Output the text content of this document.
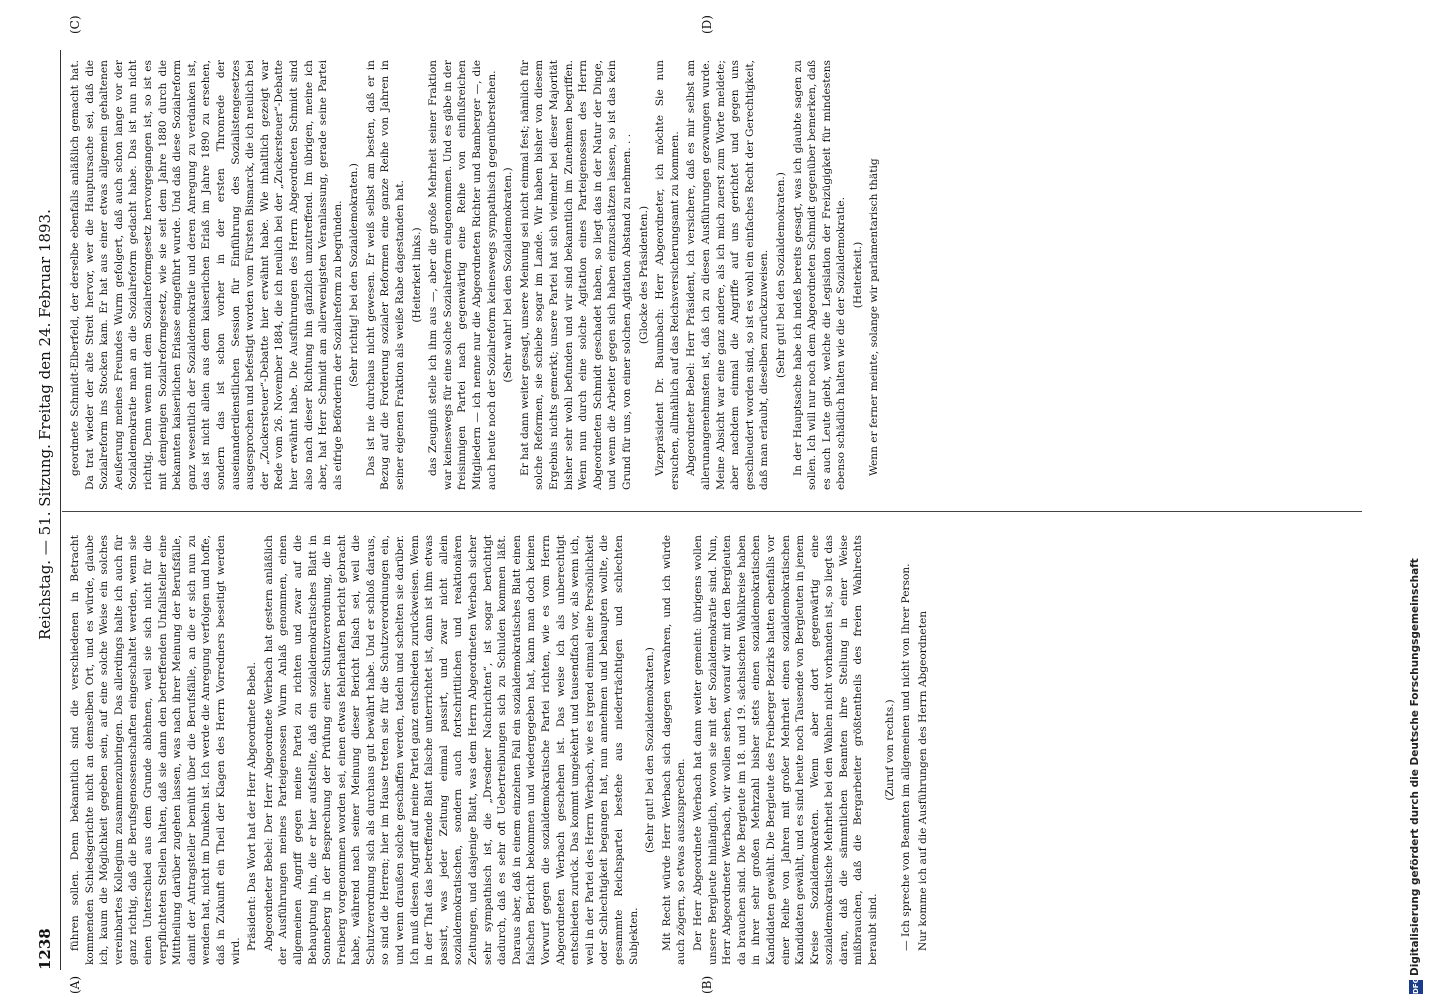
1238
Reichstag. — 51. Sitzung.
Freitag den 24. Februar 1893.
(A)	(B)
(C)	(D)

führen sollen. Denn bekanntlich sind die verschiedenen in Betracht kommenden Schiedsgerichte nicht an demselben Ort, und es würde, glaube ich, kaum die Möglichkeit gegeben sein, auf eine solche Weise ein solches vereinbartes Kollegium zusammenzubringen. Das allerdings halte ich auch für ganz richtig, daß die Berufsgenossenschaften eingeschaltet werden, wenn sie einen Unterschied aus dem Grunde ablehnen, weil sie sich nicht für die verpflichteten Stellen halten, daß sie dann den betreffenden Unfallsteller eine Mittheilung darüber zugehen lassen, was nach ihrer Meinung der Berufsfälle, damit der Antragsteller bemüht über die Berufsfälle, an die er sich nun zu wenden hat, nicht im Dunkeln ist. Ich werde die Anregung verfolgen und hoffe, daß in Zukunft ein Theil der Klagen des Herrn Vorredners beseitigt werden wird.

Präsident: Das Wort hat der Herr Abgeordnete Bebel. Abgeordneter Bebel: Der Herr Abgeordnete Werbach hat gestern anläßlich der Ausführungen meines Parteigenossen Wurm Anlaß genommen, einen allgemeinen Angriff gegen meine Partei zu richten und zwar auf die Behauptung hin, die er hier aufstellte, daß ein sozialdemokratisches Blatt in Sonneberg in der Besprechung der Prüfung einer Schutzverordnung, die in Freiberg vorgenommen worden sei, einen etwas fehlerhaften Bericht gebracht habe, während nach seiner Meinung dieser Bericht falsch sei, weil die Schutzverordnung sich als durchaus gut bewährt habe. Und er schloß daraus, so sind die Herren; hier im Hause treten sie für die Schutzverordnungen ein, und wenn draußen solche geschaffen werden, tadeln und schelten sie darüber. Ich muß diesen Angriff auf meine Partei ganz entschieden zurückweisen. Wenn in der That das betreffende Blatt falsche unterrichtet ist, dann ist ihm etwas passirt, was jeder Zeitung einmal passirt, und zwar nicht allein sozialdemokratischen, sondern auch fortschrittlichen und reaktionären Zeitungen, und dasjenige Blatt, was dem Herrn Abgeordneten Werbach sicher sehr sympathisch ist, die „Dresdner Nachrichten“, ist sogar berüchtigt dadurch, daß es sehr oft Uebertreibungen sich zu Schulden kommen läßt. Daraus aber, daß in einem einzelnen Fall ein sozialdemokratisches Blatt einen falschen Bericht bekommen und wiedergegeben hat, kann man doch keinen Vorwurf gegen die sozialdemokratische Partei richten, wie es vom Herrn Abgeordneten Werbach geschehen ist. Das weise ich als unberechtigt entschieden zurück. Das kommt umgekehrt und tausendfach vor, als wenn ich, weil in der Partei des Herrn Werbach, wie es irgend einmal eine Persönlichkeit oder Schlechtigkeit begangen hat, nun annehmen und behaupten wollte, die gesammte Reichspartei bestehe aus niederträchtigen und schlechten Subjekten.

(Sehr gut! bei den Sozialdemokraten.) Mit Recht würde Herr Werbach sich dagegen verwahren, und ich würde auch zögern, so etwas auszusprechen. Der Herr Abgeordnete Werbach hat dann weiter gemeint: übrigens wollen unsere Bergleute hinlänglich, wovon sie mit der Sozialdemokratie sind. Nun, Herr Abgeordneter Werbach, wir wollen sehen, worauf wir mit den Bergleuten da brauchen sind. Die Bergleute im 18. und 19. sächsischen Wahlkreise haben in ihrer sehr großen Mehrzahl bisher stets einen sozialdemokratischen Kandidaten gewählt. Die Bergleute des Freiberger Bezirks hatten ebenfalls vor einer Reihe von Jahren mit großer Mehrheit einen sozialdemokratischen Kandidaten gewählt, und es sind heute noch Tausende von Bergleuten in jenem Kreise Sozialdemokraten. Wenn aber dort gegenwärtig eine sozialdemokratische Mehrheit bei den Wahlen nicht vorhanden ist, so liegt das daran, daß die sämmtlichen Beamten ihre Stellung in einer Weise mißbrauchen, daß die Bergarbeiter größtentheils des freien Wahlrechts beraubt sind.

(Zuruf von rechts.) — Ich spreche von Beamten im allgemeinen und nicht von Ihrer Person. Nur komme ich auf die Ausführungen des Herrn Abgeordneten

geordnete Schmidt-Elberfeld, der derselbe ebenfalls anläßlich gemacht hat. Da trat wieder der alte Streit hervor, wer die Hauptursache sei, daß die Sozialreform ins Stocken kam. Er hat aus einer etwas allgemein gehaltenen Aeußerung meines Freundes Wurm gefolgert, daß auch schon lange vor der Sozialdemokratie man an die Sozialreform gedacht habe. Das ist nun nicht richtig. Denn wenn mit dem Sozialreformgesetz hervorgegangen ist, so ist es mit demjenigen Sozialreformgesetz, wie sie seit dem Jahre 1880 durch die bekannten kaiserlichen Erlasse eingeführt wurde. Und daß diese Sozialreform ganz wesentlich der Sozialdemokratie und deren Anregung zu verdanken ist, das ist nicht allein aus dem kaiserlichen Erlaß im Jahre 1890 zu ersehen, sondern das ist schon vorher in der ersten Thronrede der auseinanderdienstlichen Session für Einführung des Sozialistengesetzes ausgesprochen und befestigt worden vom Fürsten Bismarck, die ich neulich bei der „Zuckersteuer“-Debatte hier erwähnt habe. Wie inhaltlich gezeigt war Rede vom 26. November 1884, die ich neulich bei der „Zuckersteuer“-Debatte hier erwähnt habe. Die Ausführungen des Herrn Abgeordneten Schmidt sind also nach dieser Richtung hin gänzlich unzutreffend. Im übrigen, meine ich aber, hat Herr Schmidt am allerwenigsten Veranlassung, gerade seine Partei als eifrige Beförderin der Sozialreform zu begründen. (Sehr richtig! bei den Sozialdemokraten.) Das ist nie durchaus nicht gewesen. Er weiß selbst am besten, daß er in Bezug auf die Forderung sozialer Reformen eine ganze Reihe von Jahren in seiner eigenen Fraktion als weiße Rabe dagestanden hat. (Heiterkeit links.) das Zeugniß stelle ich ihm aus —, aber die große Mehrheit seiner Fraktion war keineswegs für eine solche Sozialreform eingenommen. Und es gäbe in der freisinnigen Partei nach gegenwärtig eine Reihe von einflußreichen Mitgliedern — ich nenne nur die Abgeordneten Richter und Bamberger —, die auch heute noch der Sozialreform keineswegs sympathisch gegenüberstehen. (Sehr wahr! bei den Sozialdemokraten.) Er hat dann weiter gesagt, unsere Meinung sei nicht einmal fest; nämlich für solche Reformen, sie schiebe sogar im Lande. Wir haben bisher von diesem Ergebnis nichts gemerkt; unsere Partei hat sich vielmehr bei dieser Majorität bisher sehr wohl befunden und wir sind bekanntlich im Zunehmen begriffen. Wenn nun durch eine solche Agitation eines Parteigenossen des Herrn Abgeordneten Schmidt geschadet haben, so liegt das in der Natur der Dinge, und wenn die Arbeiter gegen sich haben einzuschätzen lassen, so ist das kein Grund für uns, von einer solchen Agitation Abstand zu nehmen. . . (Glocke des Präsidenten.) Vizepräsident Dr. Baumbach: Herr Abgeordneter, ich möchte Sie nun ersuchen, allmählich auf das Reichsversicherungsamt zu kommen. Abgeordneter Bebel: Herr Präsident, ich versichere, daß es mir selbst am allerunangenehmsten ist, daß ich zu diesen Ausführungen gezwungen wurde. Meine Absicht war eine ganz andere, als ich mich zuerst zum Worte meldete; aber nachdem einmal die Angriffe auf uns gerichtet und gegen uns geschleudert worden sind, so ist es wohl ein einfaches Recht der Gerechtigkeit, daß man erlaubt, dieselben zurückzuweisen. (Sehr gut! bei den Sozialdemokraten.) In der Hauptsache habe ich indeß bereits gesagt, was ich glaubte sagen zu sollen. Ich will nur noch dem Abgeordneten Schmidt gegenüber bemerken, daß es auch Leute giebt, welche die Legislation der Freizügigkeit für mindestens ebenso schädlich halten wie die der Sozialdemokratie. (Heiterkeit.) Wenn er ferner meinte, solange wir parlamentarisch thätig

DFG
Digitalisierung gefördert durch die Deutsche Forschungsgemeinschaft
